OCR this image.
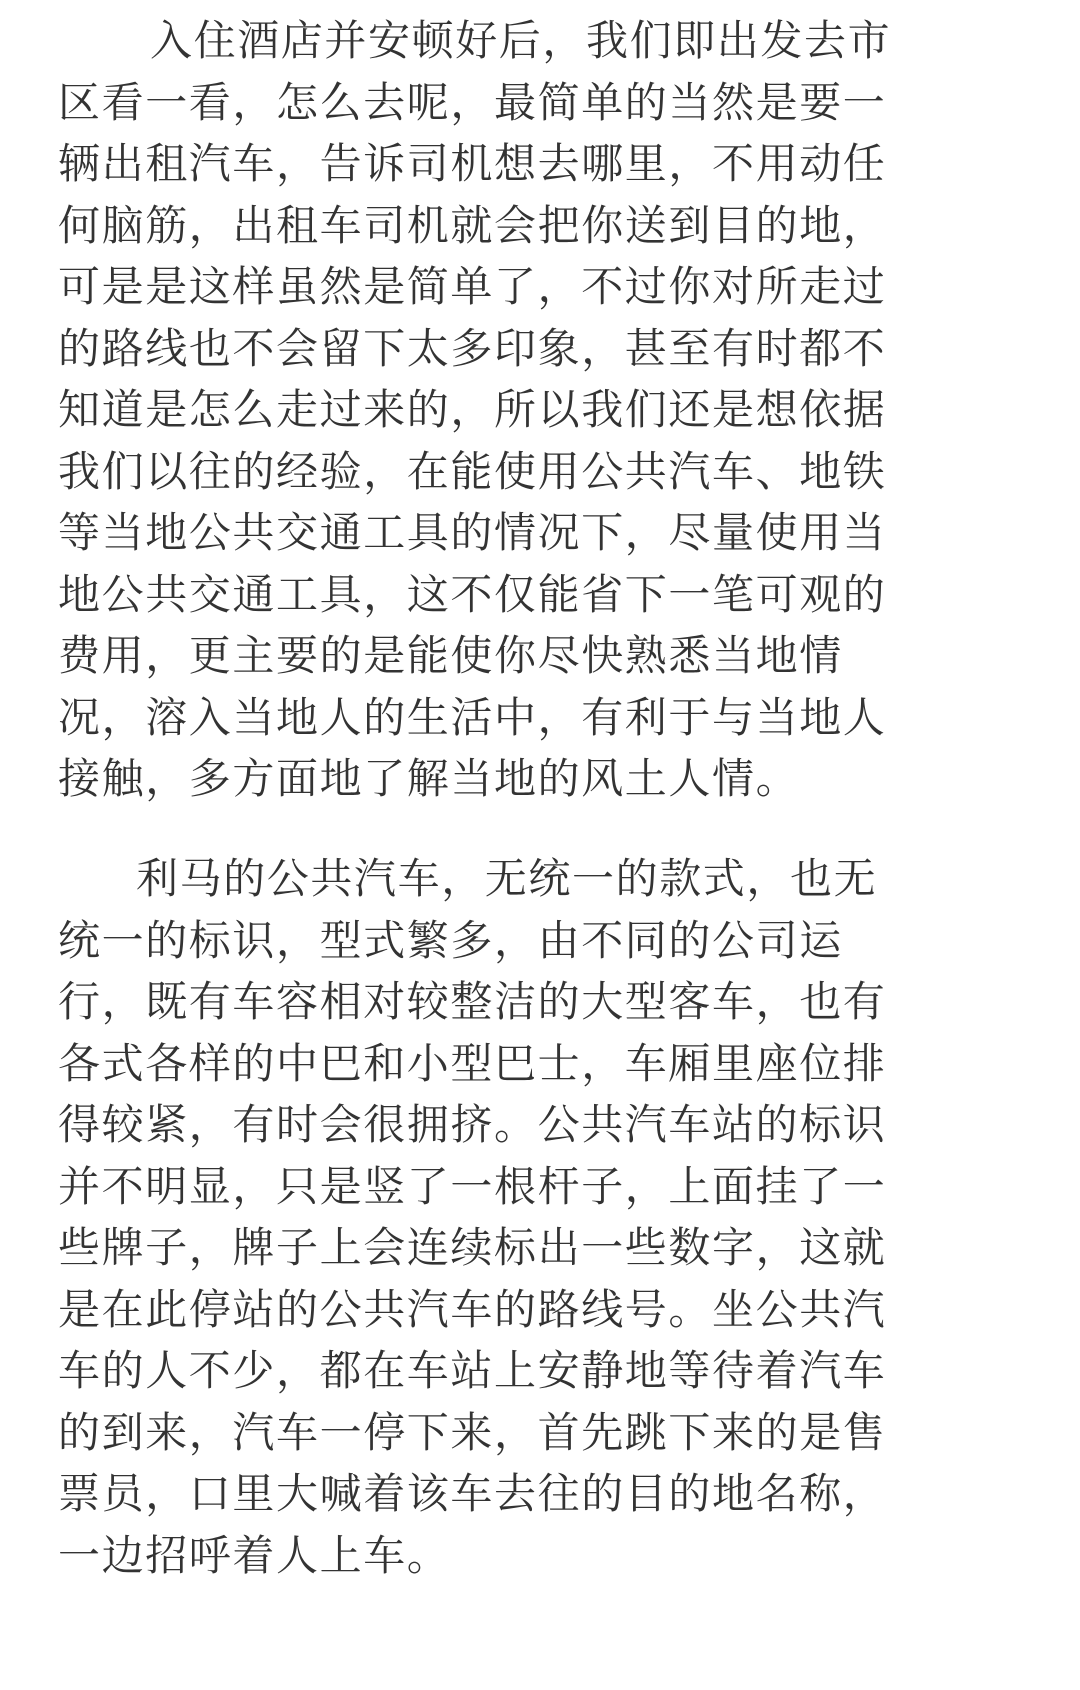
入住酒店并安顿好后，我们即出发去市
区看一看，怎么去呢，最简单的当然是要一
辆出租汽车，告诉司机想去哪里，不用动任
何脑筋，出租车司机就会把你送到目的地，
可是是这样虽然是简单了，不过你对所走过
的路线也不会留下太多印象，甚至有时都不
知道是怎么走过来的，所以我们还是想依据
我们以往的经验，在能使用公共汽车、地铁
等当地公共交通工具的情况下，尽量使用当
地公共交通工具，这不仅能省下一笔可观的
费用，更主要的是能使你尽快熟悉当地情
况，溶入当地人的生活中，有利于与当地人
接触，多方面地了解当地的风土人情。
利马的公共汽车，无统一的款式，也无
统一的标识，型式繁多，由不同的公司运
行，既有车容相对较整洁的大型客车，也有
各式各样的中巴和小型巴士，车厢里座位排
得较紧，有时会很拥挤。公共汽车站的标识
并不明显，只是竖了一根杆子，上面挂了一
些牌子，牌子上会连续标出一些数字，这就
是在此停站的公共汽车的路线号。坐公共汽
车的人不少，都在车站上安静地等待着汽车
的到来，汽车一停下来，首先跳下来的是售
票员，口里大喊着该车去往的目的地名称，
一边招呼着人上车。
